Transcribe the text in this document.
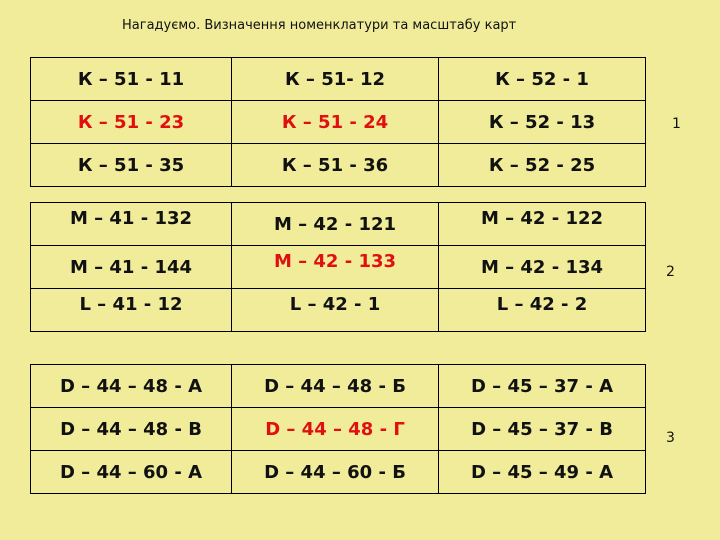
Нагадуємо. Визначення номенклатури та масштабу карт
К – 51 - 11	К – 51- 12	К – 52 - 1
К – 51 - 23	К – 51 - 24	К – 52 - 13
К – 51 - 35	К – 51 - 36	К – 52 - 25
1
М – 41 - 132	М – 42 - 121	М – 42 - 122

М – 41 - 144	М – 42 - 133	М – 42 - 134

L – 41 - 12	L – 42 - 1	L – 42 - 2
2
D – 44 – 48 - А	D – 44 – 48 - Б	D – 45 – 37 - А
D – 44 – 48 - В	D – 44 – 48 - Г	D – 45 – 37 - В
D – 44 – 60 - А	D – 44 – 60 - Б	D – 45 – 49 - А
3
